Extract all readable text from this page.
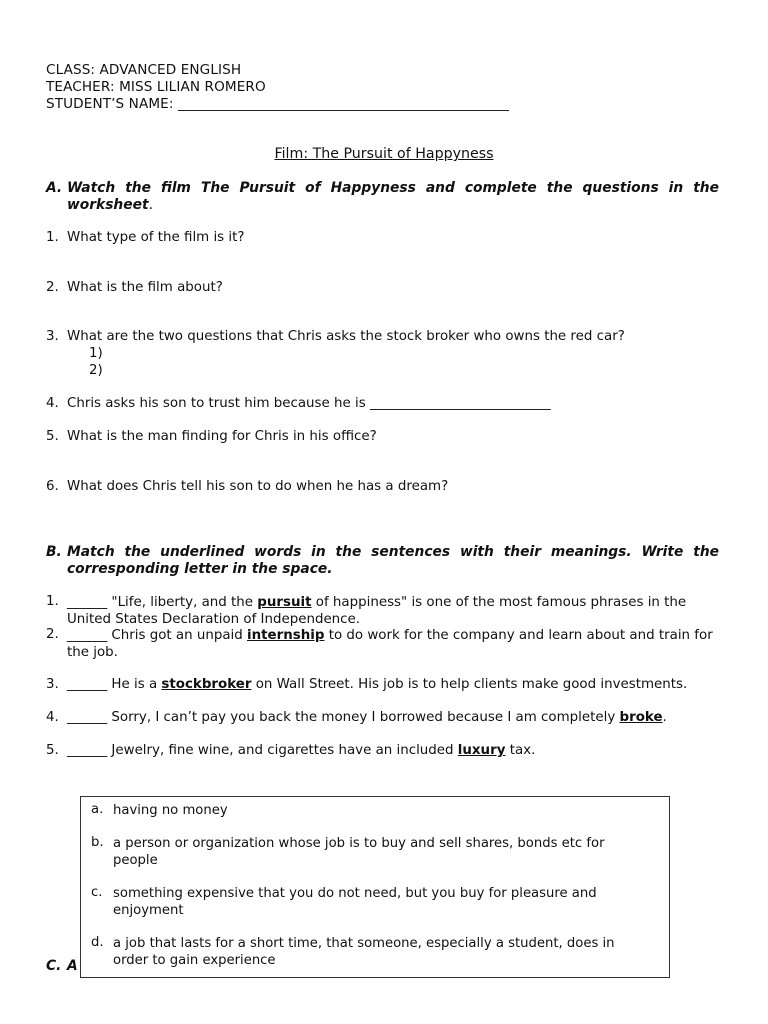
CLASS: ADVANCED ENGLISH
TEACHER: MISS LILIAN ROMERO
STUDENT’S NAME: ________________________________________________
Film: The Pursuit of Happyness
A. Watch the film The Pursuit of Happyness and complete the questions in the
worksheet.
1. What type of the film is it?
2. What is the film about?
3. What are the two questions that Chris asks the stock broker who owns the red car?
1)
2)
4. Chris asks his son to trust him because he is ___________________________
5. What is the man finding for Chris in his office?
6. What does Chris tell his son to do when he has a dream?
B. Match the underlined words in the sentences with their meanings. Write the
corresponding letter in the space.
1. ______ "Life, liberty, and the pursuit of happiness" is one of the most famous phrases in the United States Declaration of Independence.
2. ______ Chris got an unpaid internship to do work for the company and learn about and train for the job.
3. ______ He is a stockbroker on Wall Street. His job is to help clients make good investments.
4. ______ Sorry, I can’t pay you back the money I borrowed because I am completely broke.
5. ______ Jewelry, fine wine, and cigarettes have an included luxury tax.
C. A
a. having no money
b. a person or organization whose job is to buy and sell shares, bonds etc for people
c. something expensive that you do not need, but you buy for pleasure and enjoyment
d. a job that lasts for a short time, that someone, especially a student, does in order to gain experience
